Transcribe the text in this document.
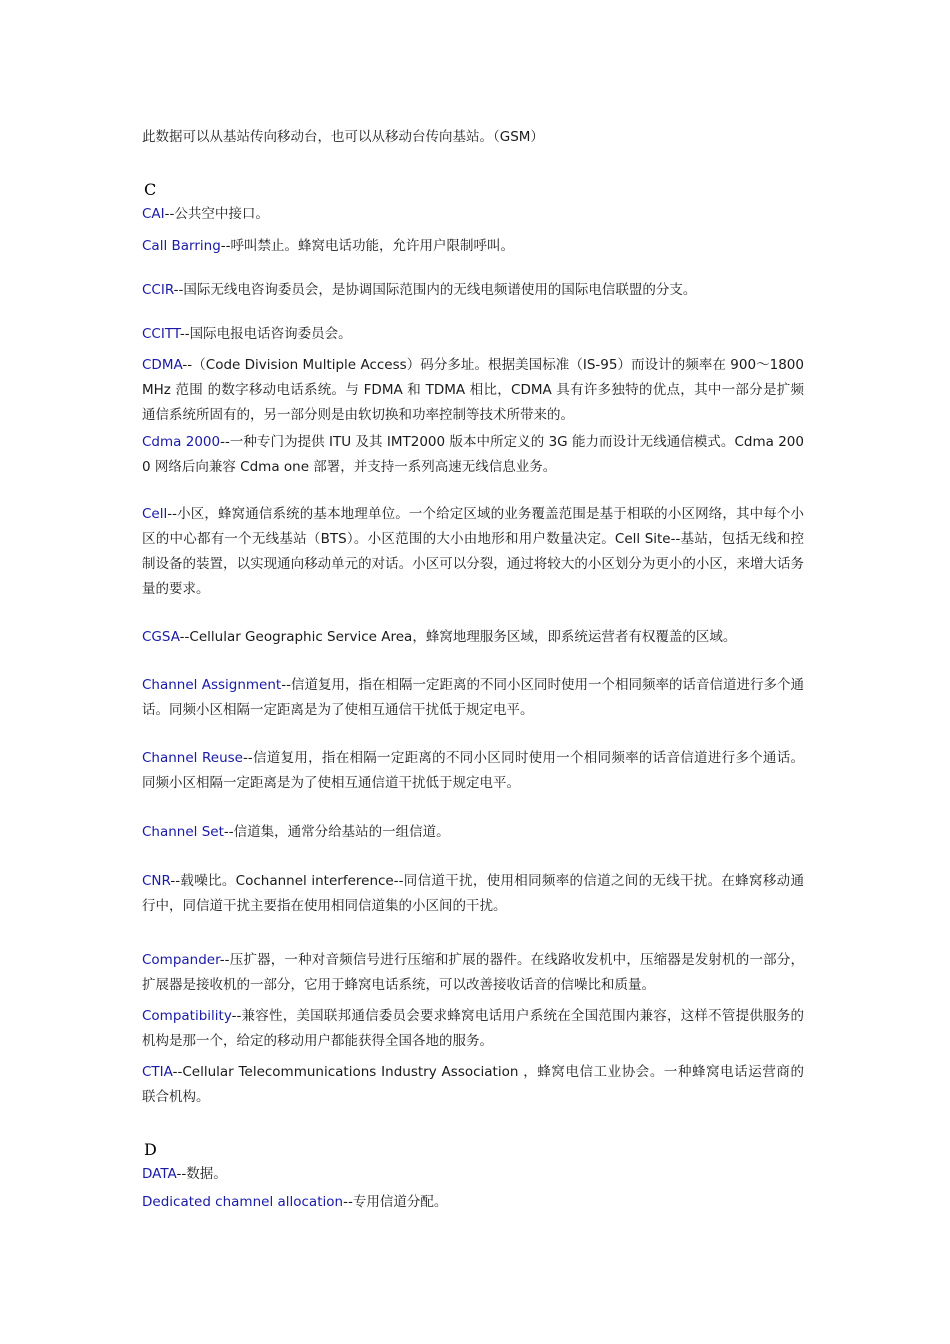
此数据可以从基站传向移动台，也可以从移动台传向基站。（GSM）
C
CAI--公共空中接口。
Call Barring--呼叫禁止。蜂窝电话功能，允许用户限制呼叫。
CCIR--国际无线电咨询委员会，是协调国际范围内的无线电频谱使用的国际电信联盟的分支。
CCITT--国际电报电话咨询委员会。
CDMA--（Code Division Multiple Access）码分多址。根据美国标准（IS-95）而设计的频率在 900～1800MHz 范围 的数字移动电话系统。与 FDMA 和 TDMA 相比，CDMA 具有许多独特的优点，其中一部分是扩频通信系统所固有的，另一部分则是由软切换和功率控制等技术所带来的。
Cdma 2000--一种专门为提供 ITU 及其 IMT2000 版本中所定义的 3G 能力而设计无线通信模式。Cdma 2000 网络后向兼容 Cdma one 部署，并支持一系列高速无线信息业务。
Cell--小区，蜂窝通信系统的基本地理单位。一个给定区域的业务覆盖范围是基于相联的小区网络，其中每个小区的中心都有一个无线基站（BTS）。小区范围的大小由地形和用户数量决定。Cell Site--基站，包括无线和控制设备的装置，以实现通向移动单元的对话。小区可以分裂，通过将较大的小区划分为更小的小区，来增大话务量的要求。
CGSA--Cellular Geographic Service Area，蜂窝地理服务区域，即系统运营者有权覆盖的区域。
Channel Assignment--信道复用，指在相隔一定距离的不同小区同时使用一个相同频率的话音信道进行多个通话。同频小区相隔一定距离是为了使相互通信干扰低于规定电平。
Channel Reuse--信道复用，指在相隔一定距离的不同小区同时使用一个相同频率的话音信道进行多个通话。同频小区相隔一定距离是为了使相互通信道干扰低于规定电平。
Channel Set--信道集，通常分给基站的一组信道。
CNR--载噪比。Cochannel interference--同信道干扰，使用相同频率的信道之间的无线干扰。在蜂窝移动通行中，同信道干扰主要指在使用相同信道集的小区间的干扰。
Compander--压扩器，一种对音频信号进行压缩和扩展的器件。在线路收发机中，压缩器是发射机的一部分，扩展器是接收机的一部分，它用于蜂窝电话系统，可以改善接收话音的信噪比和质量。
Compatibility--兼容性，美国联邦通信委员会要求蜂窝电话用户系统在全国范围内兼容，这样不管提供服务的机构是那一个，给定的移动用户都能获得全国各地的服务。
CTIA--Cellular Telecommunications Industry Association ，蜂窝电信工业协会。一种蜂窝电话运营商的联合机构。
D
DATA--数据。
Dedicated chamnel allocation--专用信道分配。
